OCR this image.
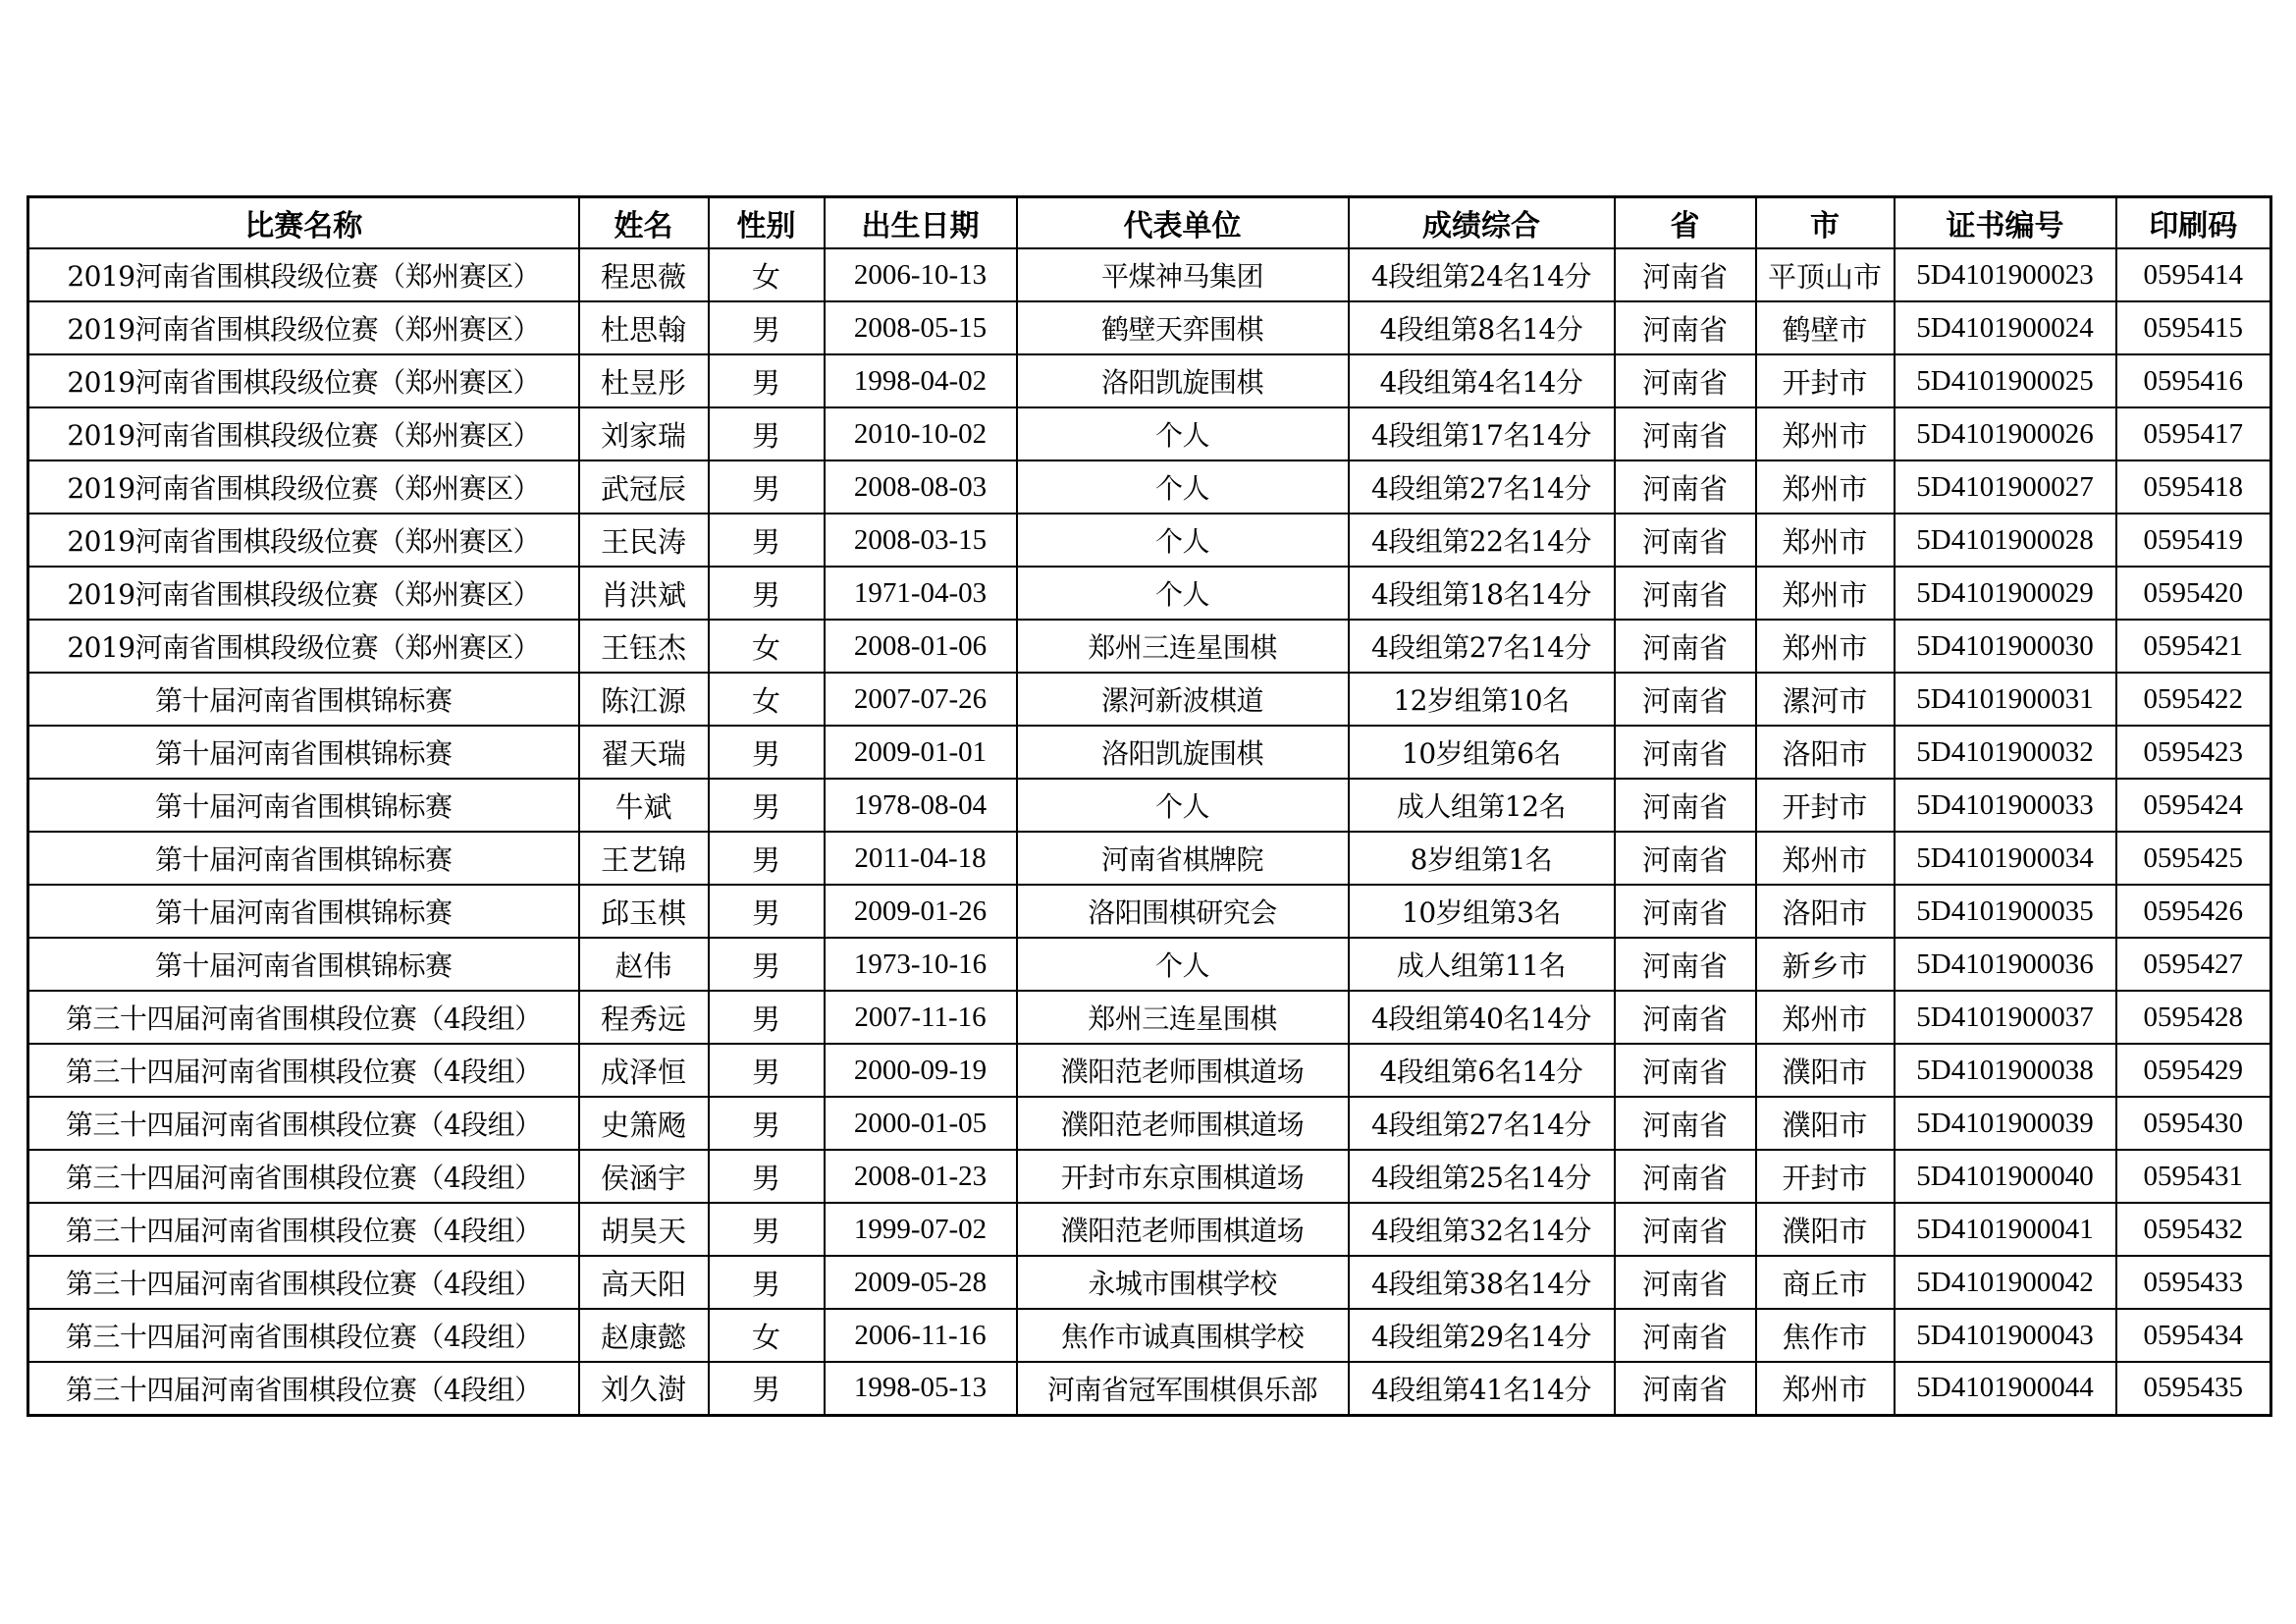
比赛名称	姓名	性别	出生日期	代表单位	成绩综合	省	市	证书编号	印刷码
2019河南省围棋段级位赛（郑州赛区）	程思薇	女	2006-10-13	平煤神马集团	4段组第24名14分	河南省	平顶山市	5D4101900023	0595414
2019河南省围棋段级位赛（郑州赛区）	杜思翰	男	2008-05-15	鹤壁天弈围棋	4段组第8名14分	河南省	鹤壁市	5D4101900024	0595415
2019河南省围棋段级位赛（郑州赛区）	杜昱彤	男	1998-04-02	洛阳凯旋围棋	4段组第4名14分	河南省	开封市	5D4101900025	0595416
2019河南省围棋段级位赛（郑州赛区）	刘家瑞	男	2010-10-02	个人	4段组第17名14分	河南省	郑州市	5D4101900026	0595417
2019河南省围棋段级位赛（郑州赛区）	武冠辰	男	2008-08-03	个人	4段组第27名14分	河南省	郑州市	5D4101900027	0595418
2019河南省围棋段级位赛（郑州赛区）	王民涛	男	2008-03-15	个人	4段组第22名14分	河南省	郑州市	5D4101900028	0595419
2019河南省围棋段级位赛（郑州赛区）	肖洪斌	男	1971-04-03	个人	4段组第18名14分	河南省	郑州市	5D4101900029	0595420
2019河南省围棋段级位赛（郑州赛区）	王钰杰	女	2008-01-06	郑州三连星围棋	4段组第27名14分	河南省	郑州市	5D4101900030	0595421
第十届河南省围棋锦标赛	陈江源	女	2007-07-26	漯河新波棋道	12岁组第10名	河南省	漯河市	5D4101900031	0595422
第十届河南省围棋锦标赛	翟天瑞	男	2009-01-01	洛阳凯旋围棋	10岁组第6名	河南省	洛阳市	5D4101900032	0595423
第十届河南省围棋锦标赛	牛斌	男	1978-08-04	个人	成人组第12名	河南省	开封市	5D4101900033	0595424
第十届河南省围棋锦标赛	王艺锦	男	2011-04-18	河南省棋牌院	8岁组第1名	河南省	郑州市	5D4101900034	0595425
第十届河南省围棋锦标赛	邱玉棋	男	2009-01-26	洛阳围棋研究会	10岁组第3名	河南省	洛阳市	5D4101900035	0595426
第十届河南省围棋锦标赛	赵伟	男	1973-10-16	个人	成人组第11名	河南省	新乡市	5D4101900036	0595427
第三十四届河南省围棋段位赛（4段组）	程秀远	男	2007-11-16	郑州三连星围棋	4段组第40名14分	河南省	郑州市	5D4101900037	0595428
第三十四届河南省围棋段位赛（4段组）	成泽恒	男	2000-09-19	濮阳范老师围棋道场	4段组第6名14分	河南省	濮阳市	5D4101900038	0595429
第三十四届河南省围棋段位赛（4段组）	史箫飏	男	2000-01-05	濮阳范老师围棋道场	4段组第27名14分	河南省	濮阳市	5D4101900039	0595430
第三十四届河南省围棋段位赛（4段组）	侯涵宇	男	2008-01-23	开封市东京围棋道场	4段组第25名14分	河南省	开封市	5D4101900040	0595431
第三十四届河南省围棋段位赛（4段组）	胡昊天	男	1999-07-02	濮阳范老师围棋道场	4段组第32名14分	河南省	濮阳市	5D4101900041	0595432
第三十四届河南省围棋段位赛（4段组）	高天阳	男	2009-05-28	永城市围棋学校	4段组第38名14分	河南省	商丘市	5D4101900042	0595433
第三十四届河南省围棋段位赛（4段组）	赵康懿	女	2006-11-16	焦作市诚真围棋学校	4段组第29名14分	河南省	焦作市	5D4101900043	0595434
第三十四届河南省围棋段位赛（4段组）	刘久澍	男	1998-05-13	河南省冠军围棋俱乐部	4段组第41名14分	河南省	郑州市	5D4101900044	0595435
